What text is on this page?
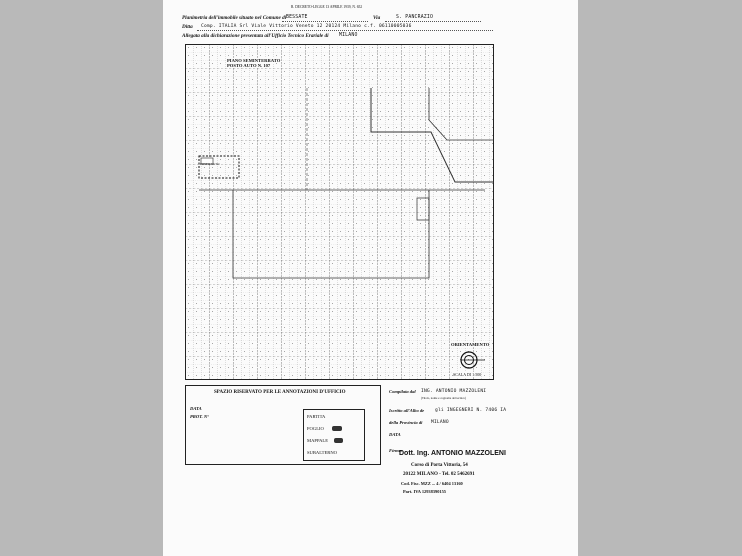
R. DECRETO-LEGGE 13 APRILE 1939, N. 652
Planimetria dell'immobile situato nel Comune di BESSATE	Via	S. PANCRAZIO
Ditta Comp. ITALIA Srl Viale Vittorio Veneto 12 20124 Milano c.f. 06110005036
Allegata alla dichiarazione presentata all'Ufficio Tecnico Erariale di MILANO
PIANO SEMINTERRATO
POSTO AUTO N. 107
POSTO AUTO
ORIENTAMENTO
SCALA DI 1:500
SPAZIO RISERVATO PER LE ANNOTAZIONI D'UFFICIO
DATA
PROT. N°	PARTITA
FOGLIO
MAPPALE
SUBALTERNO
Compilata dal ING. ANTONIO MAZZOLENI
(Titolo, nome e cognome del tecnico)
Iscritto all'Albo de gli INGEGNERI N. 7406 IA
della Provincia di MILANO
DATA
Firma:
Dott. Ing. ANTONIO MAZZOLENI
Corso di Porta Vittoria, 54
20122 MILANO - Tel. 02 5462691
Cod. Fisc. MZZ ... 4 / 6404 13160
Part. IVA 12938390155
